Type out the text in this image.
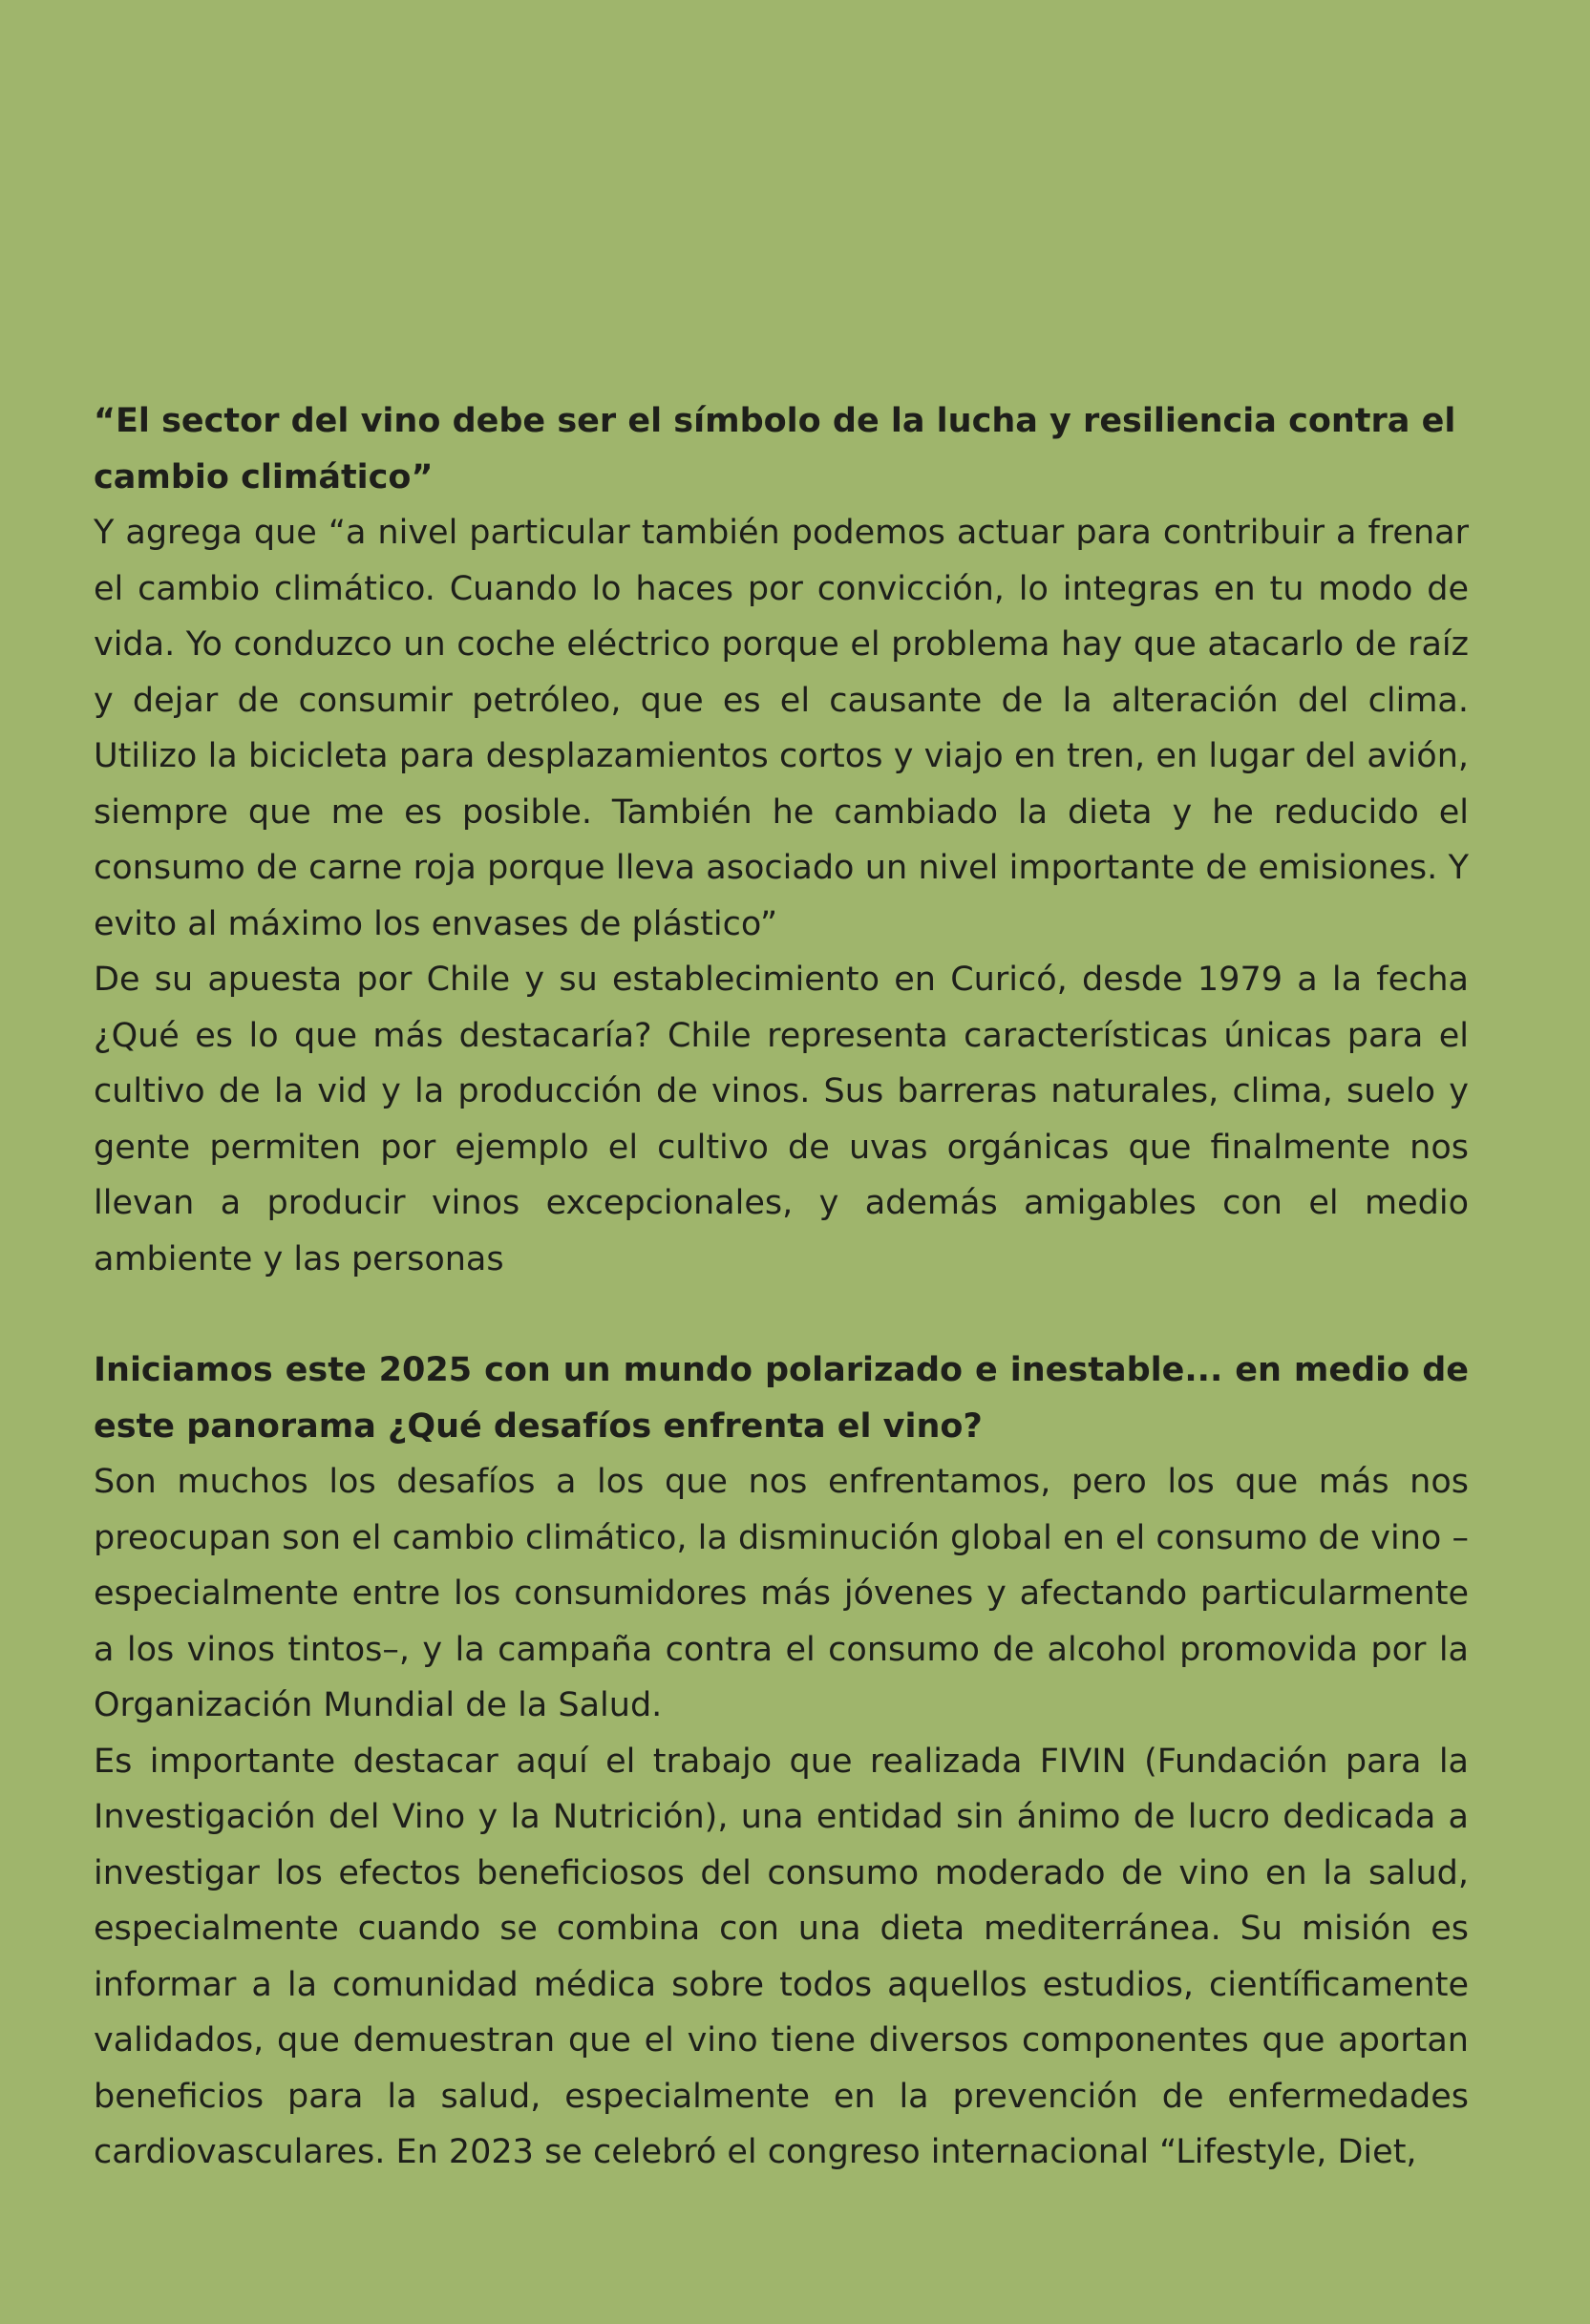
“El sector del vino debe ser el símbolo de la lucha y resiliencia contra el cambio climático”

Y agrega que “a nivel particular también podemos actuar para contribuir a frenar el cambio climático. Cuando lo haces por convicción, lo integras en tu modo de vida. Yo conduzco un coche eléctrico porque el problema hay que atacarlo de raíz y dejar de consumir petróleo, que es el causante de la alteración del clima. Utilizo la bicicleta para desplazamientos cortos y viajo en tren, en lugar del avión, siempre que me es posible. También he cambiado la dieta y he reducido el consumo de carne roja porque lleva asociado un nivel importante de emisiones. Y evito al máximo los envases de plástico”

De su apuesta por Chile y su establecimiento en Curicó, desde 1979 a la fecha ¿Qué es lo que más destacaría? Chile representa características únicas para el cultivo de la vid y la producción de vinos. Sus barreras naturales, clima, suelo y gente permiten por ejemplo el cultivo de uvas orgánicas que finalmente nos llevan a producir vinos excepcionales, y además amigables con el medio ambiente y las personas

Iniciamos este 2025 con un mundo polarizado e inestable... en medio de este panorama ¿Qué desafíos enfrenta el vino?

Son muchos los desafíos a los que nos enfrentamos, pero los que más nos preocupan son el cambio climático, la disminución global en el consumo de vino –especialmente entre los consumidores más jóvenes y afectando particularmente a los vinos tintos–, y la campaña contra el consumo de alcohol promovida por la Organización Mundial de la Salud.

Es importante destacar aquí el trabajo que realizada FIVIN (Fundación para la Investigación del Vino y la Nutrición), una entidad sin ánimo de lucro dedicada a investigar los efectos beneficiosos del consumo moderado de vino en la salud, especialmente cuando se combina con una dieta mediterránea. Su misión es informar a la comunidad médica sobre todos aquellos estudios, científicamente validados, que demuestran que el vino tiene diversos componentes que aportan beneficios para la salud, especialmente en la prevención de enfermedades cardiovasculares. En 2023 se celebró el congreso internacional “Lifestyle, Diet,
